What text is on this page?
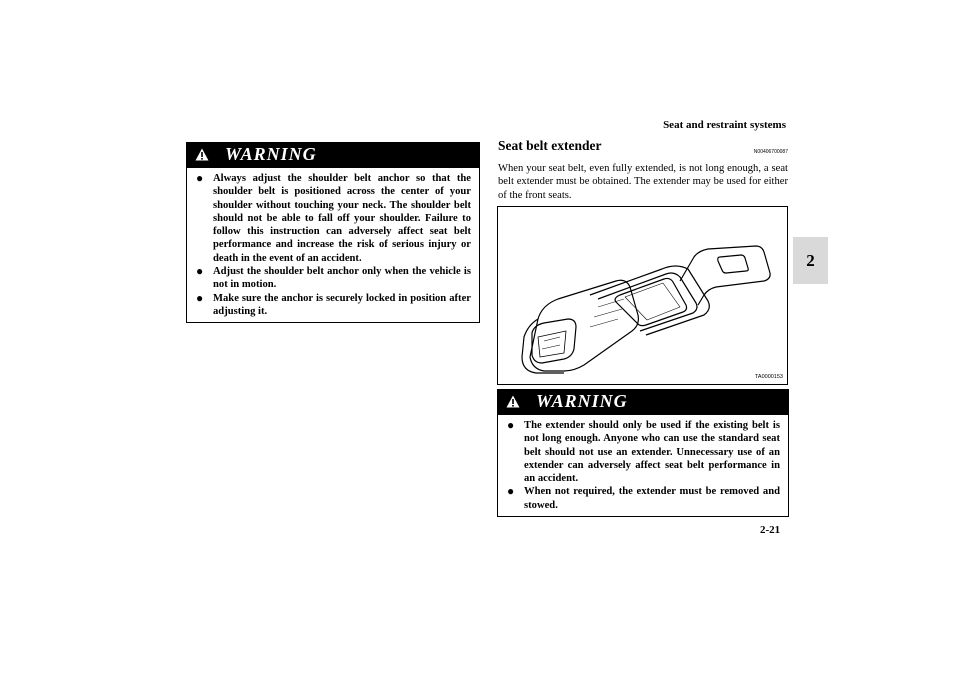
Seat and restraint systems
2
WARNING
● Always adjust the shoulder belt anchor so that the shoulder belt is positioned across the center of your shoulder without touching your neck. The shoulder belt should not be able to fall off your shoulder. Failure to follow this instruction can adversely affect seat belt performance and increase the risk of serious injury or death in the event of an accident.
● Adjust the shoulder belt anchor only when the vehicle is not in motion.
● Make sure the anchor is securely locked in position after adjusting it.
Seat belt extender	N00406700087

When your seat belt, even fully extended, is not long enough, a seat belt extender must be obtained. The extender may be used for either of the front seats.

TA0000153
WARNING
● The extender should only be used if the existing belt is not long enough. Anyone who can use the standard seat belt should not use an extender. Unnecessary use of an extender can adversely affect seat belt performance in an accident.
● When not required, the extender must be removed and stowed.
2-21
